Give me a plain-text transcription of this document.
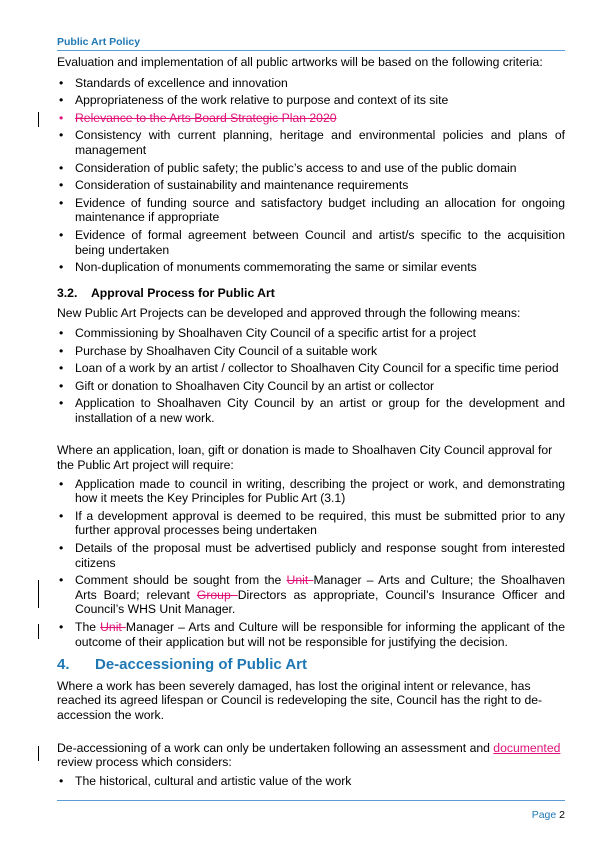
Public Art Policy

Evaluation and implementation of all public artworks will be based on the following criteria:

• Standards of excellence and innovation
• Appropriateness of the work relative to purpose and context of its site
• Relevance to the Arts Board Strategic Plan 2020
• Consistency with current planning, heritage and environmental policies and plans of management
• Consideration of public safety; the public’s access to and use of the public domain
• Consideration of sustainability and maintenance requirements
• Evidence of funding source and satisfactory budget including an allocation for ongoing maintenance if appropriate
• Evidence of formal agreement between Council and artist/s specific to the acquisition being undertaken
• Non-duplication of monuments commemorating the same or similar events
3.2. Approval Process for Public Art

New Public Art Projects can be developed and approved through the following means:

• Commissioning by Shoalhaven City Council of a specific artist for a project
• Purchase by Shoalhaven City Council of a suitable work
• Loan of a work by an artist / collector to Shoalhaven City Council for a specific time period
• Gift or donation to Shoalhaven City Council by an artist or collector
• Application to Shoalhaven City Council by an artist or group for the development and installation of a new work.

Where an application, loan, gift or donation is made to Shoalhaven City Council approval for the Public Art project will require:

• Application made to council in writing, describing the project or work, and demonstrating how it meets the Key Principles for Public Art (3.1)
• If a development approval is deemed to be required, this must be submitted prior to any further approval processes being undertaken
• Details of the proposal must be advertised publicly and response sought from interested citizens
• Comment should be sought from the Unit Manager – Arts and Culture; the Shoalhaven Arts Board; relevant Group Directors as appropriate, Council’s Insurance Officer and Council’s WHS Unit Manager.
• The Unit Manager – Arts and Culture will be responsible for informing the applicant of the outcome of their application but will not be responsible for justifying the decision.
4. De-accessioning of Public Art

Where a work has been severely damaged, has lost the original intent or relevance, has reached its agreed lifespan or Council is redeveloping the site, Council has the right to de-accession the work.

De-accessioning of a work can only be undertaken following an assessment and documented review process which considers:

• The historical, cultural and artistic value of the work
Page 2
